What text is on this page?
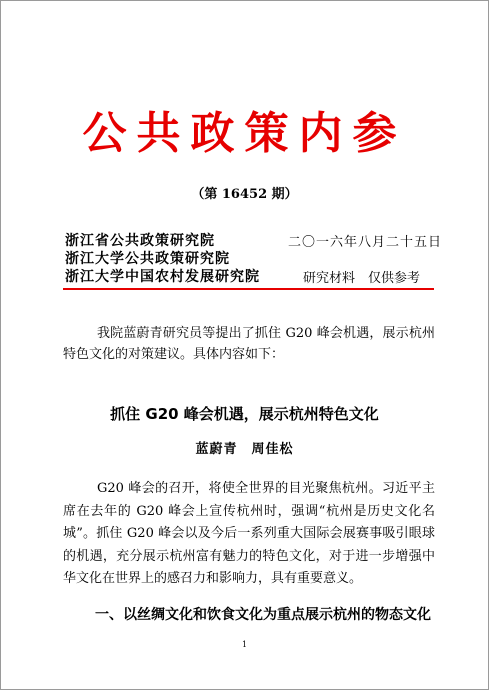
公共政策内参
（第 16452 期）
浙江省公共政策研究院
浙江大学公共政策研究院
浙江大学中国农村发展研究院
二〇一六年八月二十五日
研究材料　仅供参考
我院蓝蔚青研究员等提出了抓住 G20 峰会机遇，展示杭州特色文化的对策建议。具体内容如下：
抓住 G20 峰会机遇，展示杭州特色文化
蓝蔚青　周佳松
G20 峰会的召开，将使全世界的目光聚焦杭州。习近平主席在去年的 G20 峰会上宣传杭州时，强调“杭州是历史文化名城”。抓住 G20 峰会以及今后一系列重大国际会展赛事吸引眼球的机遇，充分展示杭州富有魅力的特色文化，对于进一步增强中华文化在世界上的感召力和影响力，具有重要意义。
一、以丝绸文化和饮食文化为重点展示杭州的物态文化
1
